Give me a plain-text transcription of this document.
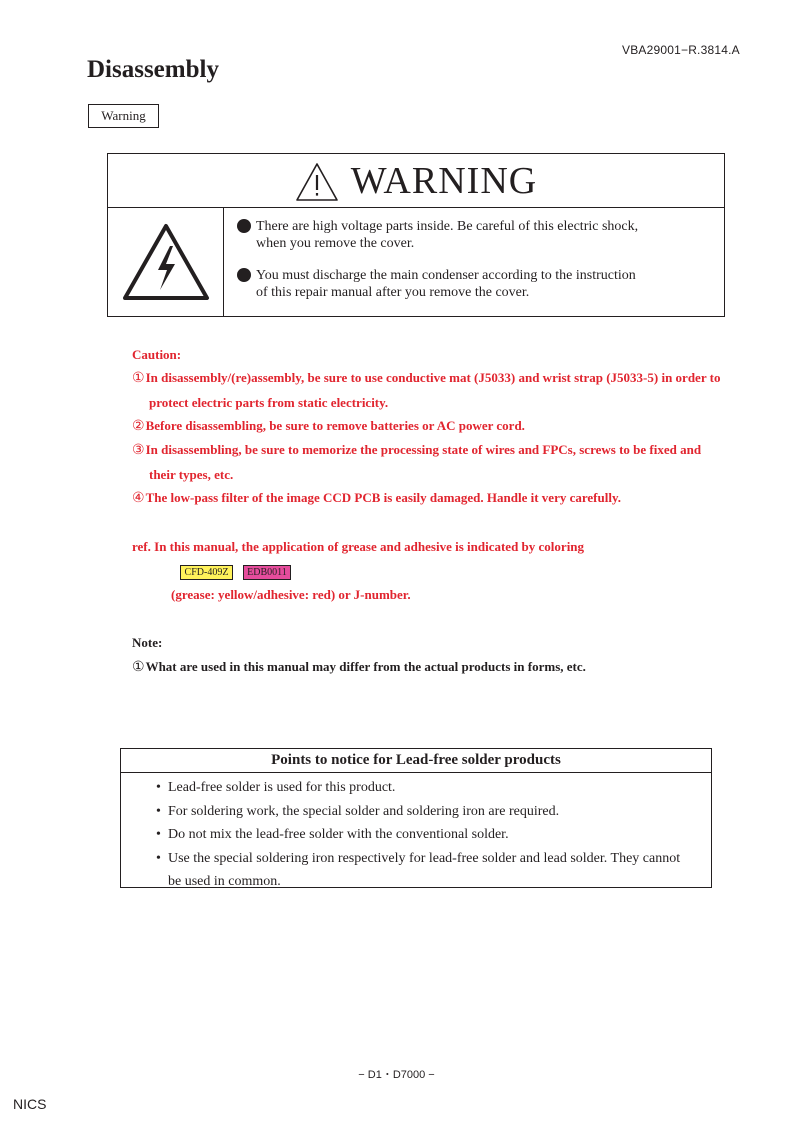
VBA29001−R.3814.A
Disassembly
Warning
WARNING
There are high voltage parts inside. Be careful of this electric shock,
when you remove the cover.
You must discharge the main condenser according to the instruction
of this repair manual after you remove the cover.
Caution:
①In disassembly/(re)assembly, be sure to use conductive mat (J5033) and wrist strap (J5033-5) in order to
protect electric parts from static electricity.
②Before disassembling, be sure to remove batteries or AC power cord.
③In disassembling, be sure to memorize the processing state of wires and FPCs, screws to be fixed and
their types, etc.
④The low-pass filter of the image CCD PCB is easily damaged. Handle it very carefully.
ref. In this manual, the application of grease and adhesive is indicated by coloring
CFD-409Z	EDB0011
(grease: yellow/adhesive: red) or J-number.
Note:
①What are used in this manual may differ from the actual products in forms, etc.
Points to notice for Lead-free solder products
• Lead-free solder is used for this product.
• For soldering work, the special solder and soldering iron are required.
• Do not mix the lead-free solder with the conventional solder.
• Use the special soldering iron respectively for lead-free solder and lead solder. They cannot
be used in common.
− D1・D7000 −
NICS
